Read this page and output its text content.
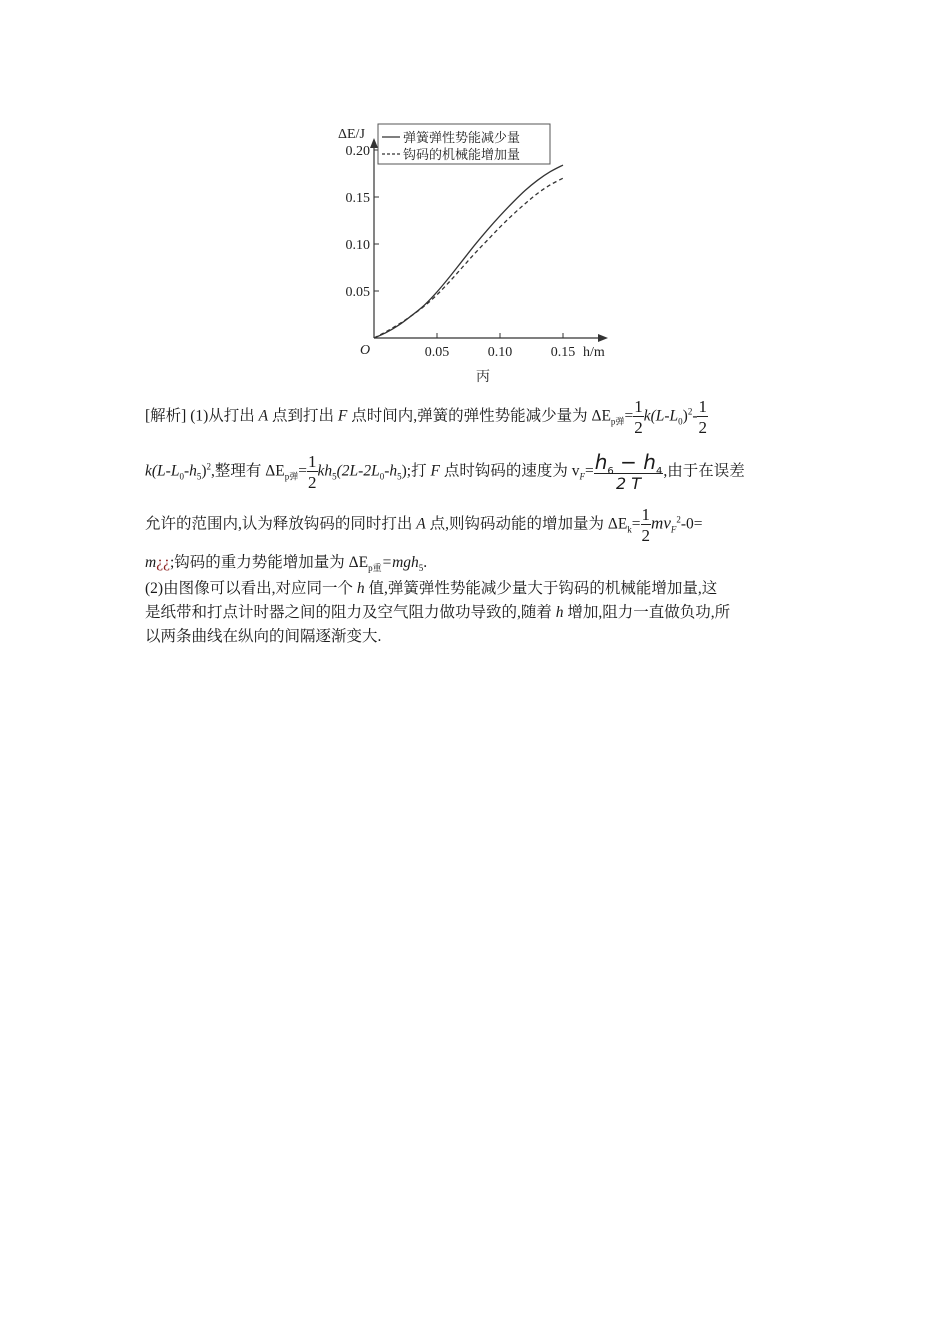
0.05	0.10	0.15
0.05
0.10
0.15
0.20
弹簧弹性势能减少量
钩码的机械能增加量
ΔE/J
h/m
O
丙
[解析] (1)从打出 A 点到打出 F 点时间内,弹簧的弹性势能减少量为 $\Delta E_{p弹}= \frac{1}{2} k(L-L_0)^2- \frac{1}{2}$
$k(L-L_0-h_5)^2$,整理有 $\Delta E_{p弹}= \frac{1}{2} kh_5(2L-2L_0-h_5)$;打 F 点时钩码的速度为 $v_F= \frac{h_6 - h_4}{2 T}$ ,由于在误差
允许的范围内,认为释放钩码的同时打出 A 点,则钩码动能的增加量为 $\Delta E_k= \frac{1}{2} mv_F^2-0=$
m¿¿;钩码的重力势能增加量为 $\Delta E_{p重}=mgh_5$.
(2)由图像可以看出,对应同一个 h 值,弹簧弹性势能减少量大于钩码的机械能增加量,这
是纸带和打点计时器之间的阻力及空气阻力做功导致的,随着 h 增加,阻力一直做负功,所
以两条曲线在纵向的间隔逐渐变大.
